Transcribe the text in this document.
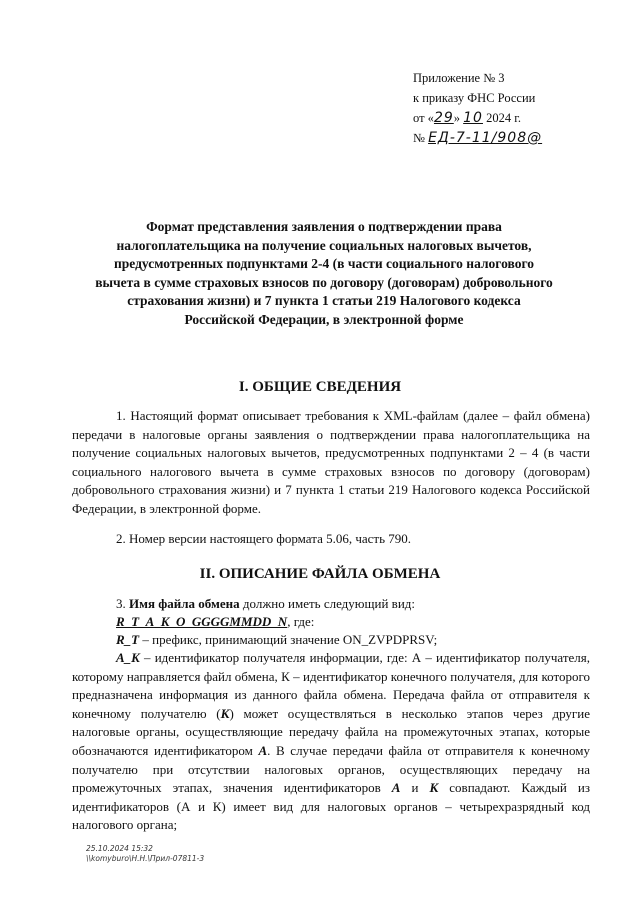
Приложение № 3
к приказу ФНС России
от «29» 10 2024 г.
№ ЕД-7-11/908@
Формат представления заявления о подтверждении права налогоплательщика на получение социальных налоговых вычетов, предусмотренных подпунктами 2-4 (в части социального налогового вычета в сумме страховых взносов по договору (договорам) добровольного страхования жизни) и 7 пункта 1 статьи 219 Налогового кодекса Российской Федерации, в электронной форме
I. ОБЩИЕ СВЕДЕНИЯ
1. Настоящий формат описывает требования к XML-файлам (далее – файл обмена) передачи в налоговые органы заявления о подтверждении права налогоплательщика на получение социальных налоговых вычетов, предусмотренных подпунктами 2 – 4 (в части социального налогового вычета в сумме страховых взносов по договору (договорам) добровольного страхования жизни) и 7 пункта 1 статьи 219 Налогового кодекса Российской Федерации, в электронной форме.
2. Номер версии настоящего формата 5.06, часть 790.
II. ОПИСАНИЕ ФАЙЛА ОБМЕНА
3. Имя файла обмена должно иметь следующий вид:
R_T_A_K_O_GGGGMMDD_N, где:
R_T – префикс, принимающий значение ON_ZVPDPRSV;
A_K – идентификатор получателя информации, где: А – идентификатор получателя, которому направляется файл обмена, К – идентификатор конечного получателя, для которого предназначена информация из данного файла обмена. Передача файла от отправителя к конечному получателю (К) может осуществляться в несколько этапов через другие налоговые органы, осуществляющие передачу файла на промежуточных этапах, которые обозначаются идентификатором А. В случае передачи файла от отправителя к конечному получателю при отсутствии налоговых органов, осуществляющих передачу на промежуточных этапах, значения идентификаторов А и К совпадают. Каждый из идентификаторов (А и К) имеет вид для налоговых органов – четырехразрядный код налогового органа;
25.10.2024 15:32
\\komyburo\Н.Н.\Прил-07811-3
